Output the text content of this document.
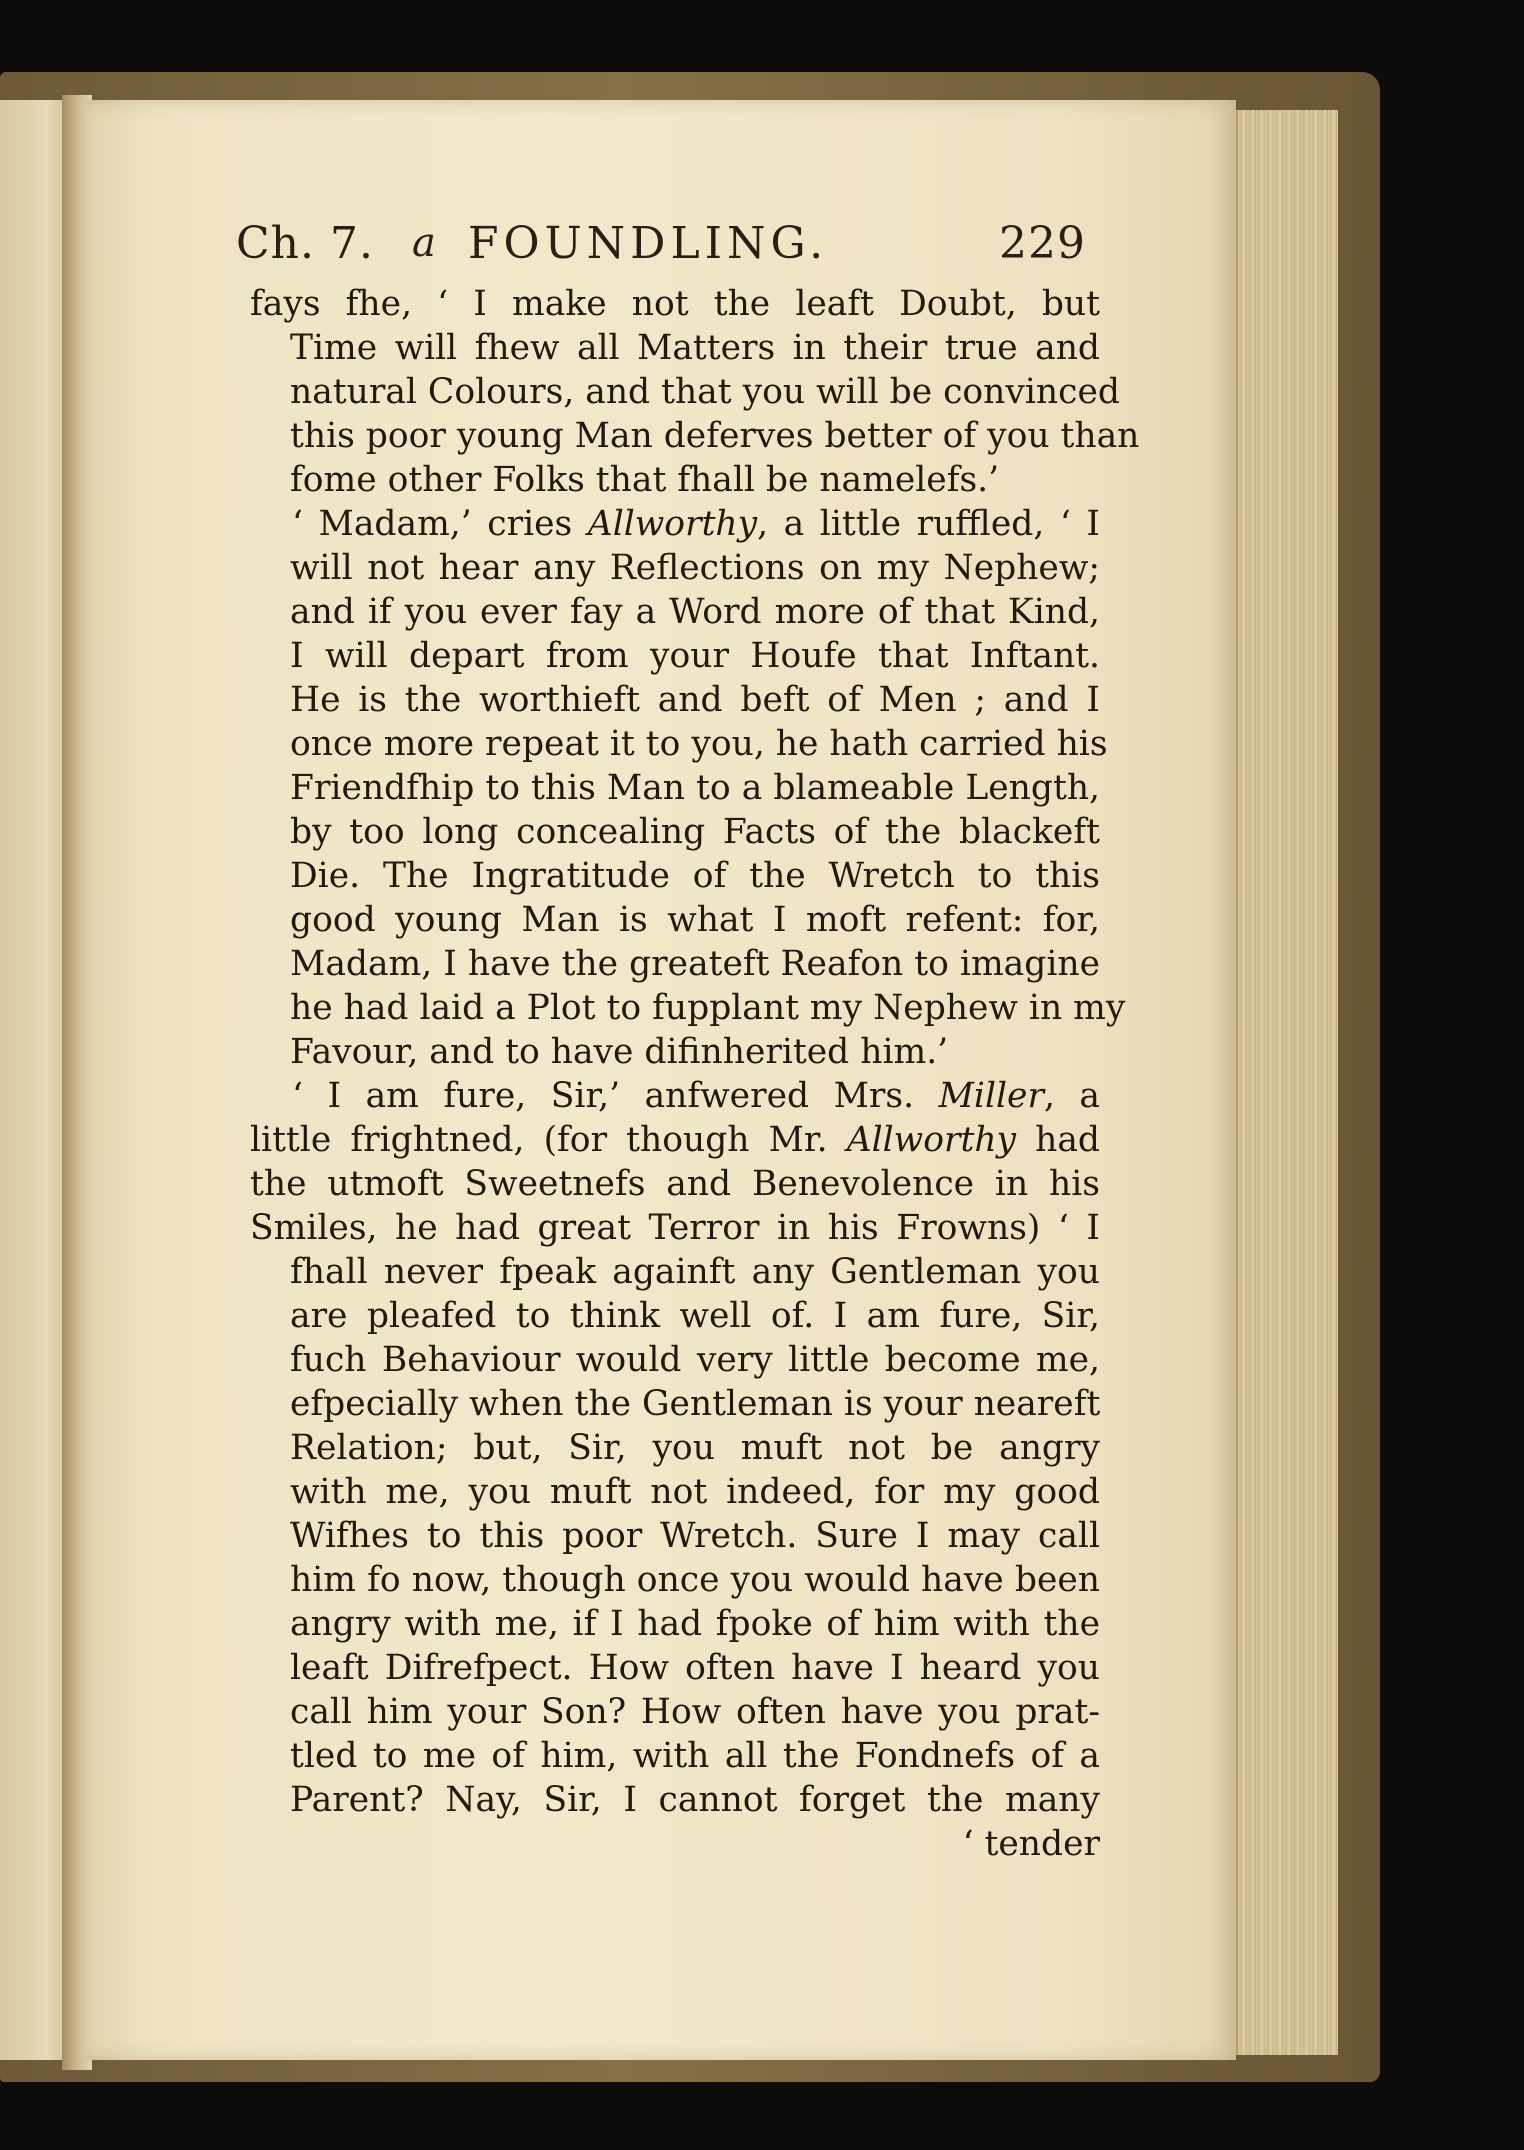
Ch. 7. a FOUNDLING.	229
fays fhe, ‘ I make not the leaft Doubt, but
Time will fhew all Matters in their true and
natural Colours, and that you will be convinced
this poor young Man deferves better of you than
fome other Folks that fhall be namelefs.’
‘ Madam,’ cries Allworthy, a little ruffled, ‘ I
will not hear any Reflections on my Nephew;
and if you ever fay a Word more of that Kind,
I will depart from your Houfe that Inftant.
He is the worthieft and beft of Men ; and I
once more repeat it to you, he hath carried his
Friendfhip to this Man to a blameable Length,
by too long concealing Facts of the blackeft
Die. The Ingratitude of the Wretch to this
good young Man is what I moft refent: for,
Madam, I have the greateft Reafon to imagine
he had laid a Plot to fupplant my Nephew in my
Favour, and to have difinherited him.’
‘ I am fure, Sir,’ anfwered Mrs. Miller, a
little frightned, (for though Mr. Allworthy had
the utmoft Sweetnefs and Benevolence in his
Smiles, he had great Terror in his Frowns) ‘ I
fhall never fpeak againft any Gentleman you
are pleafed to think well of. I am fure, Sir,
fuch Behaviour would very little become me,
efpecially when the Gentleman is your neareft
Relation; but, Sir, you muft not be angry
with me, you muft not indeed, for my good
Wifhes to this poor Wretch. Sure I may call
him fo now, though once you would have been
angry with me, if I had fpoke of him with the
leaft Difrefpect. How often have I heard you
call him your Son? How often have you prat-
tled to me of him, with all the Fondnefs of a
Parent? Nay, Sir, I cannot forget the many
‘ tender
